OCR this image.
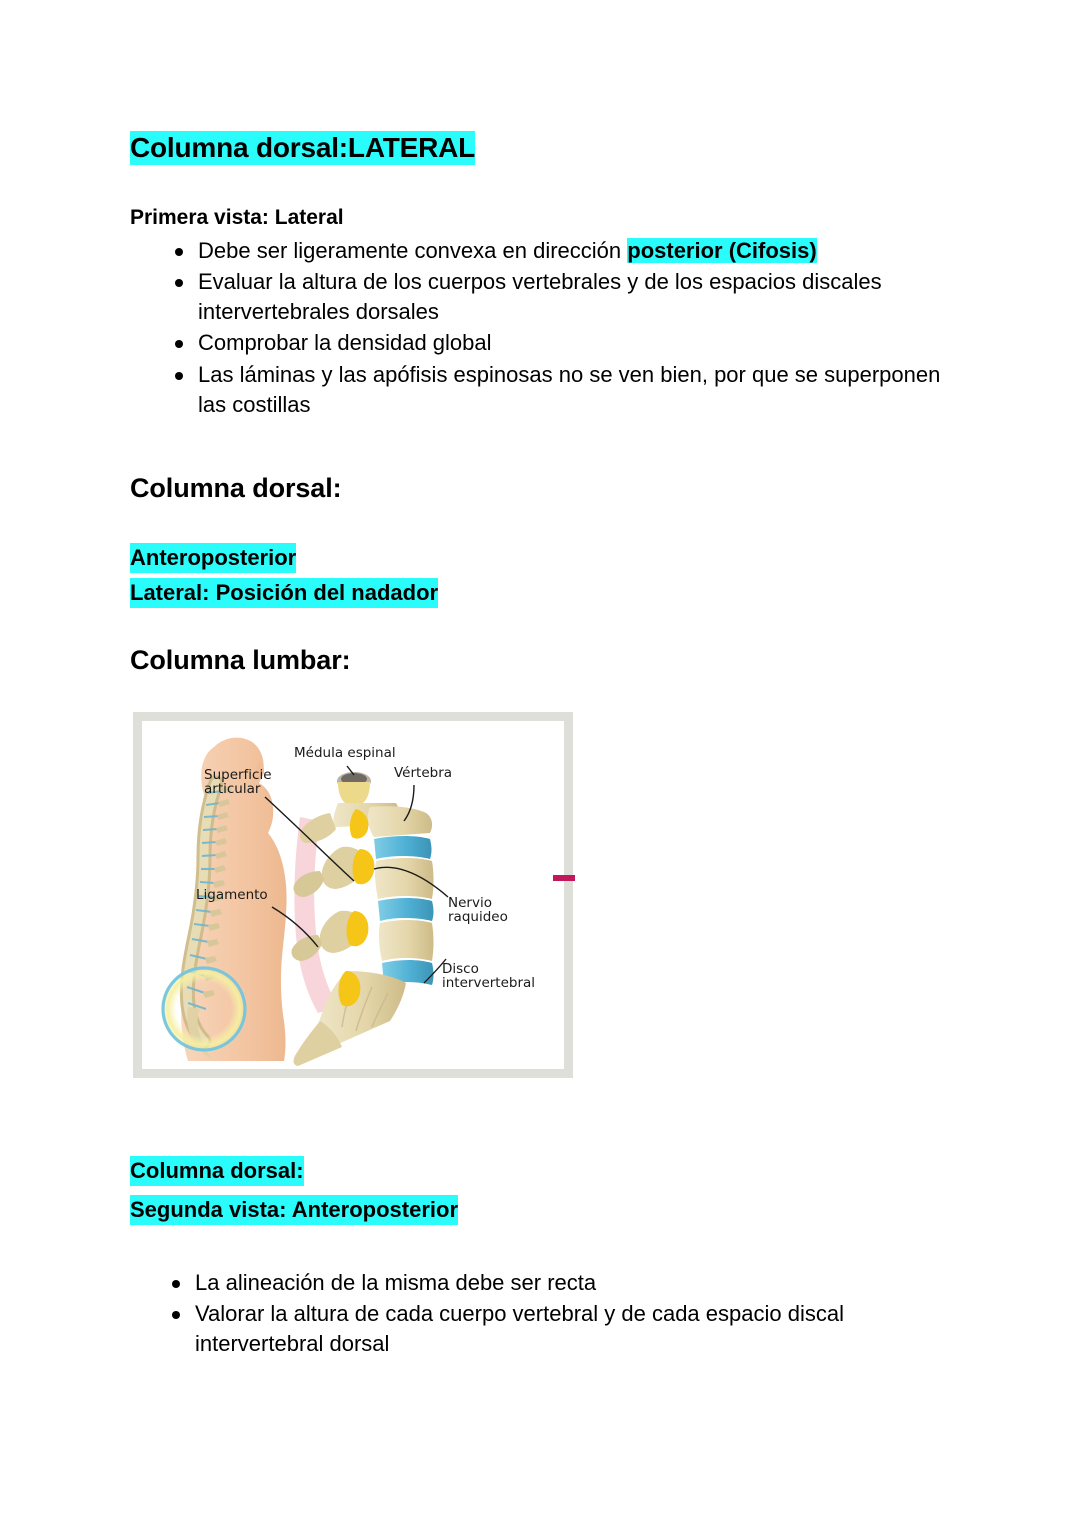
Columna dorsal:LATERAL
Primera vista: Lateral
Debe ser ligeramente convexa en dirección posterior (Cifosis)
Evaluar la altura de los cuerpos vertebrales y de los espacios discales intervertebrales dorsales
Comprobar la densidad global
Las láminas y las apófisis espinosas no se ven bien, por que se superponen las costillas
Columna dorsal:
Anteroposterior
Lateral: Posición del nadador
Columna lumbar:
Columna dorsal:
Segunda vista: Anteroposterior
La alineación de la misma debe ser recta
Valorar la altura de cada cuerpo vertebral y de cada espacio discal intervertebral dorsal
Médula espinal
Superficie
articular
Vértebra
Ligamento	Nervio
raquideo
Disco
intervertebral
